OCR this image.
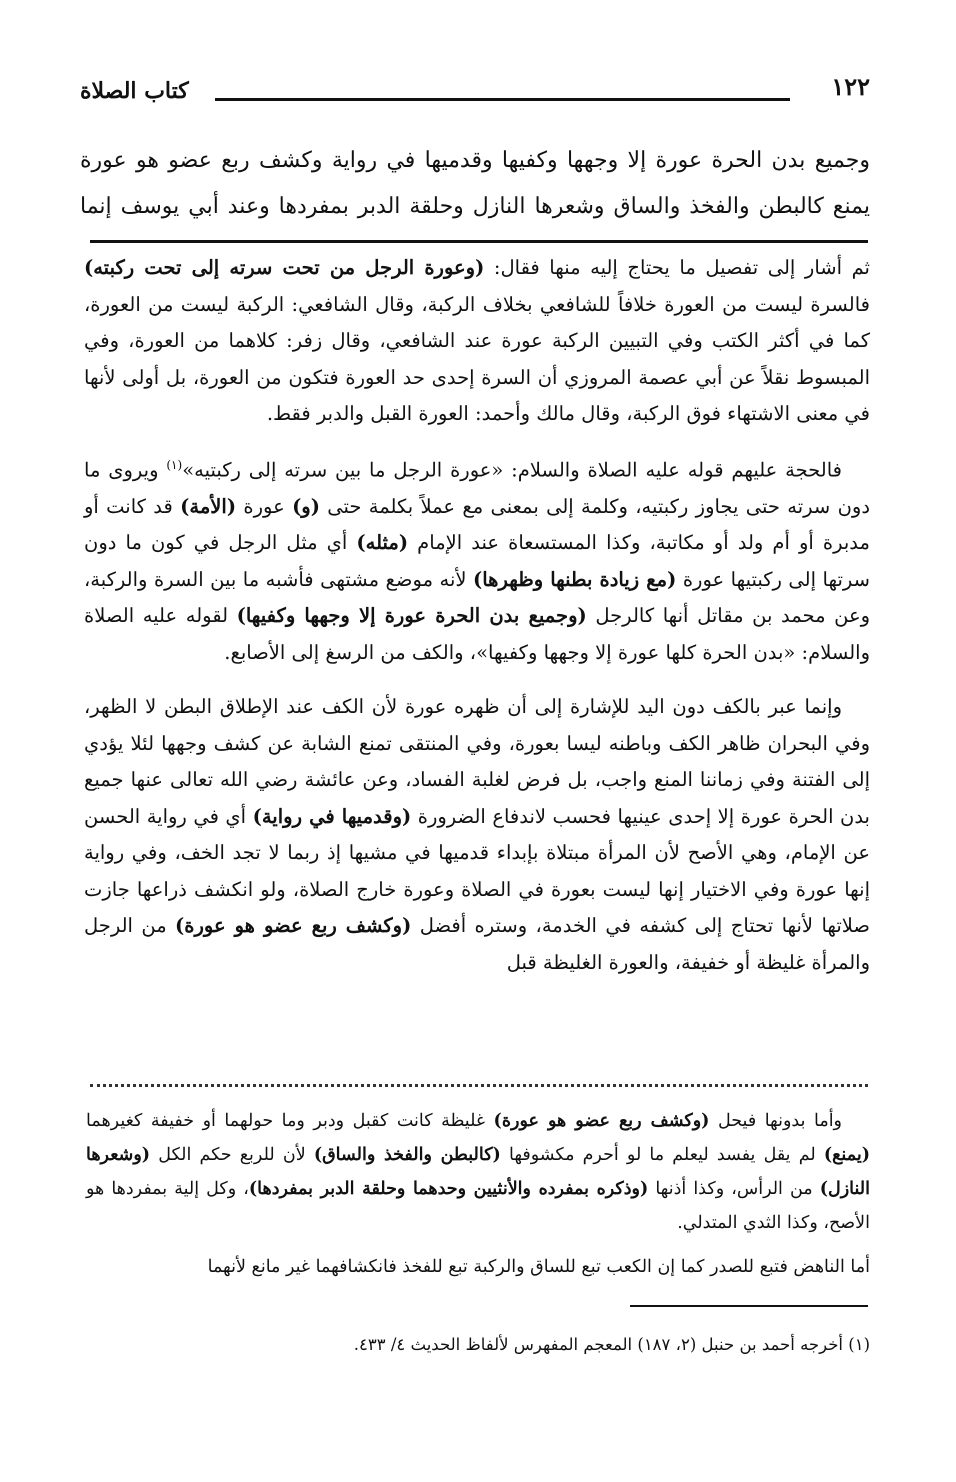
١٢٢
كتاب الصلاة

وجميع بدن الحرة عورة إلا وجهها وكفيها وقدميها في رواية وكشف ربع عضو هو عورة

يمنع كالبطن والفخذ والساق وشعرها النازل وحلقة الدبر بمفردها وعند أبي يوسف إنما

ثم أشار إلى تفصيل ما يحتاج إليه منها فقال: (وعورة الرجل من تحت سرته إلى تحت ركبته) فالسرة ليست من العورة خلافاً للشافعي بخلاف الركبة، وقال الشافعي: الركبة ليست من العورة، كما في أكثر الكتب وفي التبيين الركبة عورة عند الشافعي، وقال زفر: كلاهما من العورة، وفي المبسوط نقلاً عن أبي عصمة المروزي أن السرة إحدى حد العورة فتكون من العورة، بل أولى لأنها في معنى الاشتهاء فوق الركبة، وقال مالك وأحمد: العورة القبل والدبر فقط.

فالحجة عليهم قوله عليه الصلاة والسلام: «عورة الرجل ما بين سرته إلى ركبتيه»$^{(١)}$ ويروى ما دون سرته حتى يجاوز ركبتيه، وكلمة إلى بمعنى مع عملاً بكلمة حتى (و) عورة (الأمة) قد كانت أو مدبرة أو أم ولد أو مكاتبة، وكذا المستسعاة عند الإمام (مثله) أي مثل الرجل في كون ما دون سرتها إلى ركبتيها عورة (مع زيادة بطنها وظهرها) لأنه موضع مشتهى فأشبه ما بين السرة والركبة، وعن محمد بن مقاتل أنها كالرجل (وجميع بدن الحرة عورة إلا وجهها وكفيها) لقوله عليه الصلاة والسلام: «بدن الحرة كلها عورة إلا وجهها وكفيها»، والكف من الرسغ إلى الأصابع.

وإنما عبر بالكف دون اليد للإشارة إلى أن ظهره عورة لأن الكف عند الإطلاق البطن لا الظهر، وفي البحران ظاهر الكف وباطنه ليسا بعورة، وفي المنتقى تمنع الشابة عن كشف وجهها لئلا يؤدي إلى الفتنة وفي زماننا المنع واجب، بل فرض لغلبة الفساد، وعن عائشة رضي الله تعالى عنها جميع بدن الحرة عورة إلا إحدى عينيها فحسب لاندفاع الضرورة (وقدميها في رواية) أي في رواية الحسن عن الإمام، وهي الأصح لأن المرأة مبتلاة بإبداء قدميها في مشيها إذ ربما لا تجد الخف، وفي رواية إنها عورة وفي الاختيار إنها ليست بعورة في الصلاة وعورة خارج الصلاة، ولو انكشف ذراعها جازت صلاتها لأنها تحتاج إلى كشفه في الخدمة، وستره أفضل (وكشف ربع عضو هو عورة) من الرجل والمرأة غليظة أو خفيفة، والعورة الغليظة قبل

وأما بدونها فيحل (وكشف ربع عضو هو عورة) غليظة كانت كقبل ودبر وما حولهما أو خفيفة كغيرهما (يمنع) لم يقل يفسد ليعلم ما لو أحرم مكشوفها (كالبطن والفخذ والساق) لأن للربع حكم الكل (وشعرها النازل) من الرأس، وكذا أذنها (وذكره بمفرده والأنثيين وحدهما وحلقة الدبر بمفردها)، وكل إلية بمفردها هو الأصح، وكذا الثدي المتدلي.

أما الناهض فتبع للصدر كما إن الكعب تبع للساق والركبة تبع للفخذ فانكشافهما غير مانع لأنهما

(١) أخرجه أحمد بن حنبل (٢، ١٨٧) المعجم المفهرس لألفاظ الحديث ٤/ ٤٣٣.
